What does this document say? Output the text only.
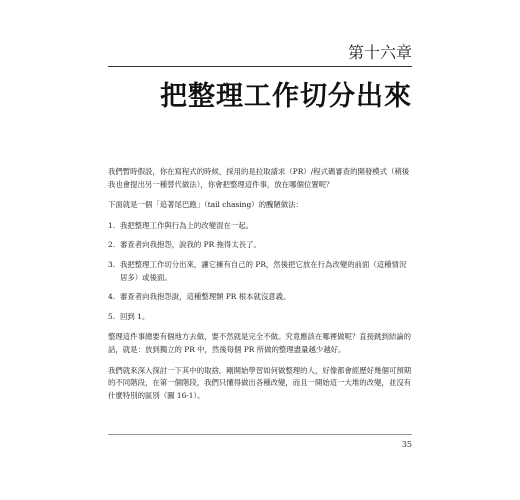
第十六章
把整理工作切分出來

我們暫時假設，你在寫程式的時候，採用的是拉取請求（PR）/程式碼審查的開發模式（稍後我也會提出另一種替代做法），你會把整理這件事，放在哪個位置呢？

下面就是一個「追著尾巴跑」（tail chasing）的醜陋做法：

1. 我把整理工作與行為上的改變混在一起。
2. 審查者向我抱怨，說我的 PR 拖得太長了。
3. 我把整理工作切分出來，讓它擁有自己的 PR，然後把它放在行為改變的前面（這種情況居多）或後面。
4. 審查者向我抱怨說，這種整理類 PR 根本就沒意義。
5. 回到 1。

整理這件事總要有個地方去做，要不然就是完全不做。究竟應該在哪裡做呢？直接跳到結論的話，就是：放到獨立的 PR 中，然後每個 PR 所做的整理盡量越少越好。

我們就來深入探討一下其中的取捨。剛開始學習如何做整理的人，好像都會經歷好幾個可預期的不同階段，在第一個階段，我們只懂得做出各種改變，而且一開始這一大堆的改變，並沒有什麼特別的區別（圖 16-1）。

35
